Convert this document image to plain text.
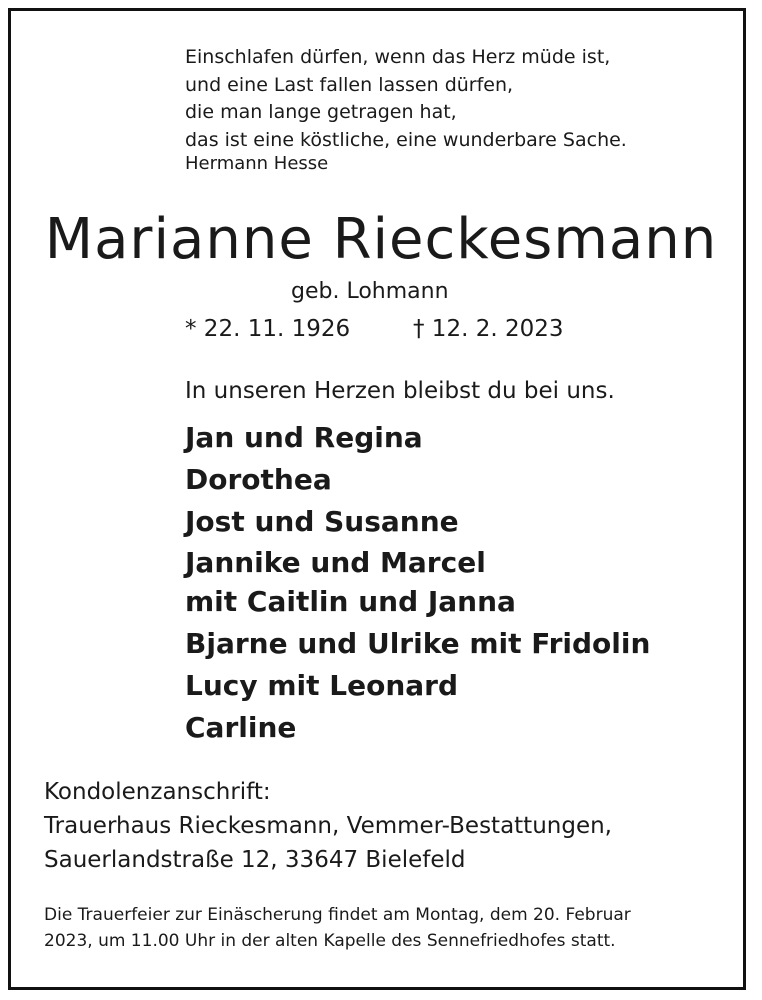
Einschlafen dürfen, wenn das Herz müde ist,
und eine Last fallen lassen dürfen,
die man lange getragen hat,
das ist eine köstliche, eine wunderbare Sache.
Hermann Hesse
Marianne Rieckesmann
geb. Lohmann
* 22. 11. 1926	† 12. 2. 2023
In unseren Herzen bleibst du bei uns.
Jan und Regina
Dorothea
Jost und Susanne
Jannike und Marcel
mit Caitlin und Janna
Bjarne und Ulrike mit Fridolin
Lucy mit Leonard
Carline
Kondolenzanschrift:
Trauerhaus Rieckesmann, Vemmer-Bestattungen,
Sauerlandstraße 12, 33647 Bielefeld
Die Trauerfeier zur Einäscherung findet am Montag, dem 20. Februar
2023, um 11.00 Uhr in der alten Kapelle des Sennefriedhofes statt.
